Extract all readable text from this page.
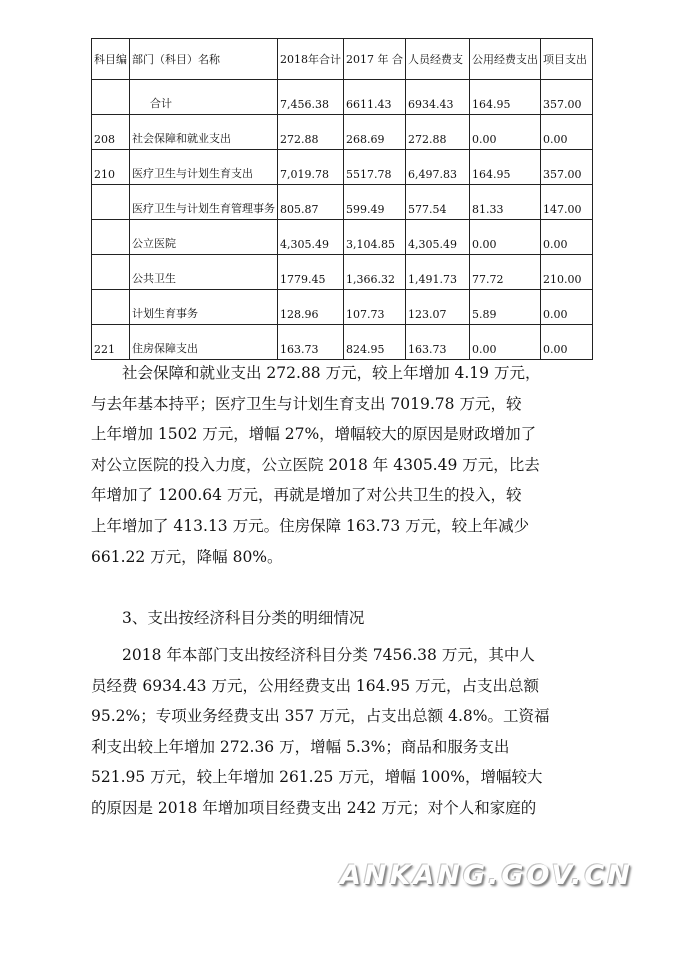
科目编	部门（科目）名称	2018年合计	2017 年 合	人员经费支	公用经费支出	项目支出
	合计	7,456.38	6611.43	6934.43	164.95	357.00
208	社会保障和就业支出	272.88	268.69	272.88	0.00	0.00
210	医疗卫生与计划生育支出	7,019.78	5517.78	6,497.83	164.95	357.00
	医疗卫生与计划生育管理事务	805.87	599.49	577.54	81.33	147.00
	公立医院	4,305.49	3,104.85	4,305.49	0.00	0.00
	公共卫生	1779.45	1,366.32	1,491.73	77.72	210.00
	计划生育事务	128.96	107.73	123.07	5.89	0.00
221	住房保障支出	163.73	824.95	163.73	0.00	0.00

社会保障和就业支出 272.88 万元，较上年增加 4.19 万元，
与去年基本持平；医疗卫生与计划生育支出 7019.78 万元，较
上年增加 1502 万元，增幅 27%，增幅较大的原因是财政增加了
对公立医院的投入力度，公立医院 2018 年 4305.49 万元，比去
年增加了 1200.64 万元，再就是增加了对公共卫生的投入，较
上年增加了 413.13 万元。住房保障 163.73 万元，较上年减少
661.22 万元，降幅 80%。

3、支出按经济科目分类的明细情况

2018 年本部门支出按经济科目分类 7456.38 万元，其中人
员经费 6934.43 万元，公用经费支出 164.95 万元，占支出总额
95.2%；专项业务经费支出 357 万元，占支出总额 4.8%。工资福
利支出较上年增加 272.36 万，增幅 5.3%；商品和服务支出
521.95 万元，较上年增加 261.25 万元，增幅 100%，增幅较大
的原因是 2018 年增加项目经费支出 242 万元；对个人和家庭的

ANKANG.GOV.CN
